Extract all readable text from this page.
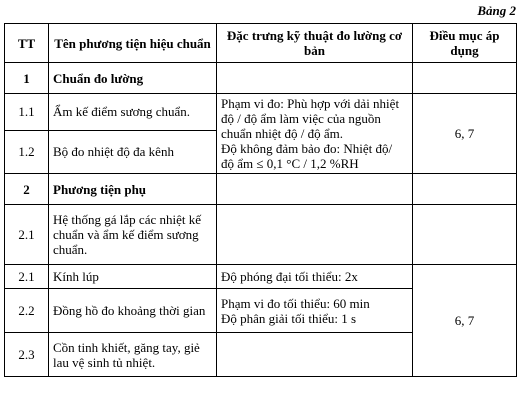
Bảng 2
TT	Tên phương tiện hiệu chuẩn	Đặc trưng kỹ thuật đo lường cơ bản	Điều mục áp dụng
1	Chuẩn đo lường		
1.1	Ẩm kế điểm sương chuẩn.	Phạm vi đo: Phù hợp với dải nhiệt độ / độ ẩm làm việc của nguồn chuẩn nhiệt độ / độ ẩm.
Độ không đảm bảo đo: Nhiệt độ/ độ ẩm ≤ 0,1 °C / 1,2 %RH	6, 7
1.2	Bộ đo nhiệt độ đa kênh		
2	Phương tiện phụ		
2.1	Hệ thống gá lắp các nhiệt kế chuẩn và ẩm kế điểm sương chuẩn.		
2.1	Kính lúp	Độ phóng đại tối thiểu: 2x	6, 7
2.2	Đồng hồ đo khoảng thời gian	Phạm vi đo tối thiểu: 60 min
Độ phân giải tối thiểu: 1 s	

2.3	Cồn tinh khiết, găng tay, giẻ lau vệ sinh tủ nhiệt.		
